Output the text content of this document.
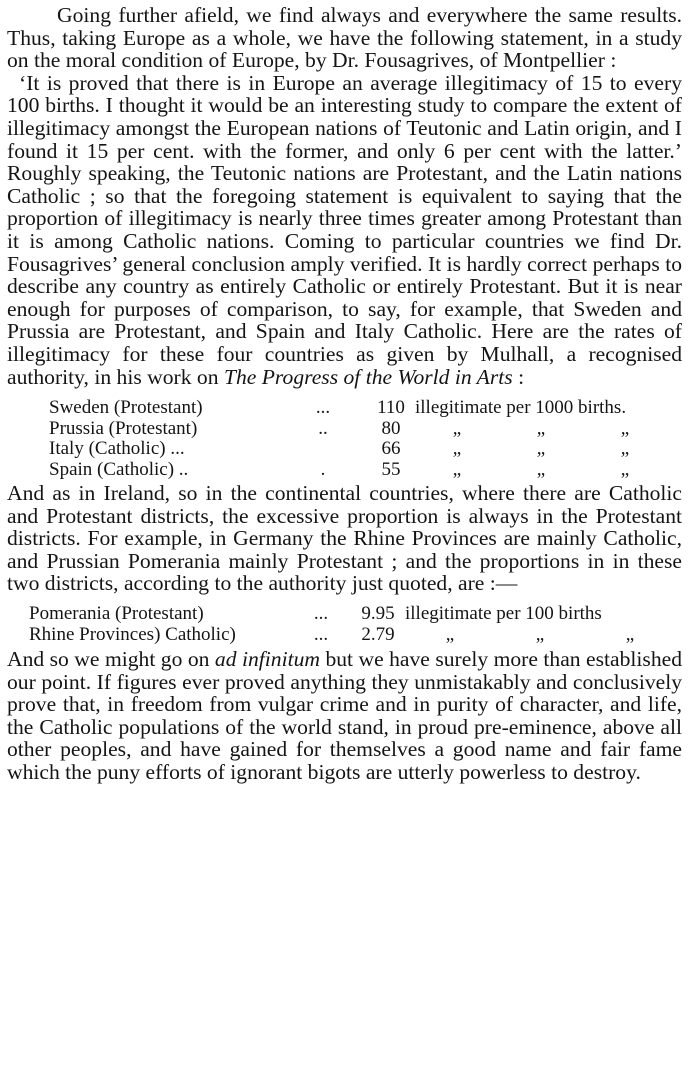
Going further afield, we find always and everywhere the same results. Thus, taking Europe as a whole, we have the following statement, in a study on the moral condition of Europe, by Dr. Fousagrives, of Montpellier :

‘It is proved that there is in Europe an average illegitimacy of 15 to every 100 births. I thought it would be an interesting study to compare the extent of illegitimacy amongst the European nations of Teutonic and Latin origin, and I found it 15 per cent. with the former, and only 6 per cent with the latter.’ Roughly speaking, the Teutonic nations are Protestant, and the Latin nations Catholic ; so that the foregoing statement is equivalent to saying that the proportion of illegitimacy is nearly three times greater among Protestant than it is among Catholic nations. Coming to particular countries we find Dr. Fousagrives’ general conclusion amply verified. It is hardly correct perhaps to describe any country as entirely Catholic or entirely Protestant. But it is near enough for purposes of comparison, to say, for example, that Sweden and Prussia are Protestant, and Spain and Italy Catholic. Here are the rates of illegitimacy for these four countries as given by Mulhall, a recognised authority, in his work on The Progress of the World in Arts :

Sweden (Protestant)	...	110	illegitimate per 1000 births.		
Prussia (Protestant)	..	80	„	„	„
Italy (Catholic) ...		66	„	„	„
Spain (Catholic) ..	.	55	„	„	„

And as in Ireland, so in the continental countries, where there are Catholic and Protestant districts, the excessive proportion is always in the Protestant districts. For example, in Germany the Rhine Provinces are mainly Catholic, and Prussian Pomerania mainly Protestant ; and the proportions in in these two districts, according to the authority just quoted, are :—

Pomerania (Protestant)	...	9.95	illegitimate per 100 births		
Rhine Provinces) Catholic)	...	2.79	„	„	„

And so we might go on ad infinitum but we have surely more than established our point. If figures ever proved anything they unmistakably and conclusively prove that, in freedom from vulgar crime and in purity of character, and life, the Catholic populations of the world stand, in proud pre-eminence, above all other peoples, and have gained for themselves a good name and fair fame which the puny efforts of ignorant bigots are utterly powerless to destroy.
